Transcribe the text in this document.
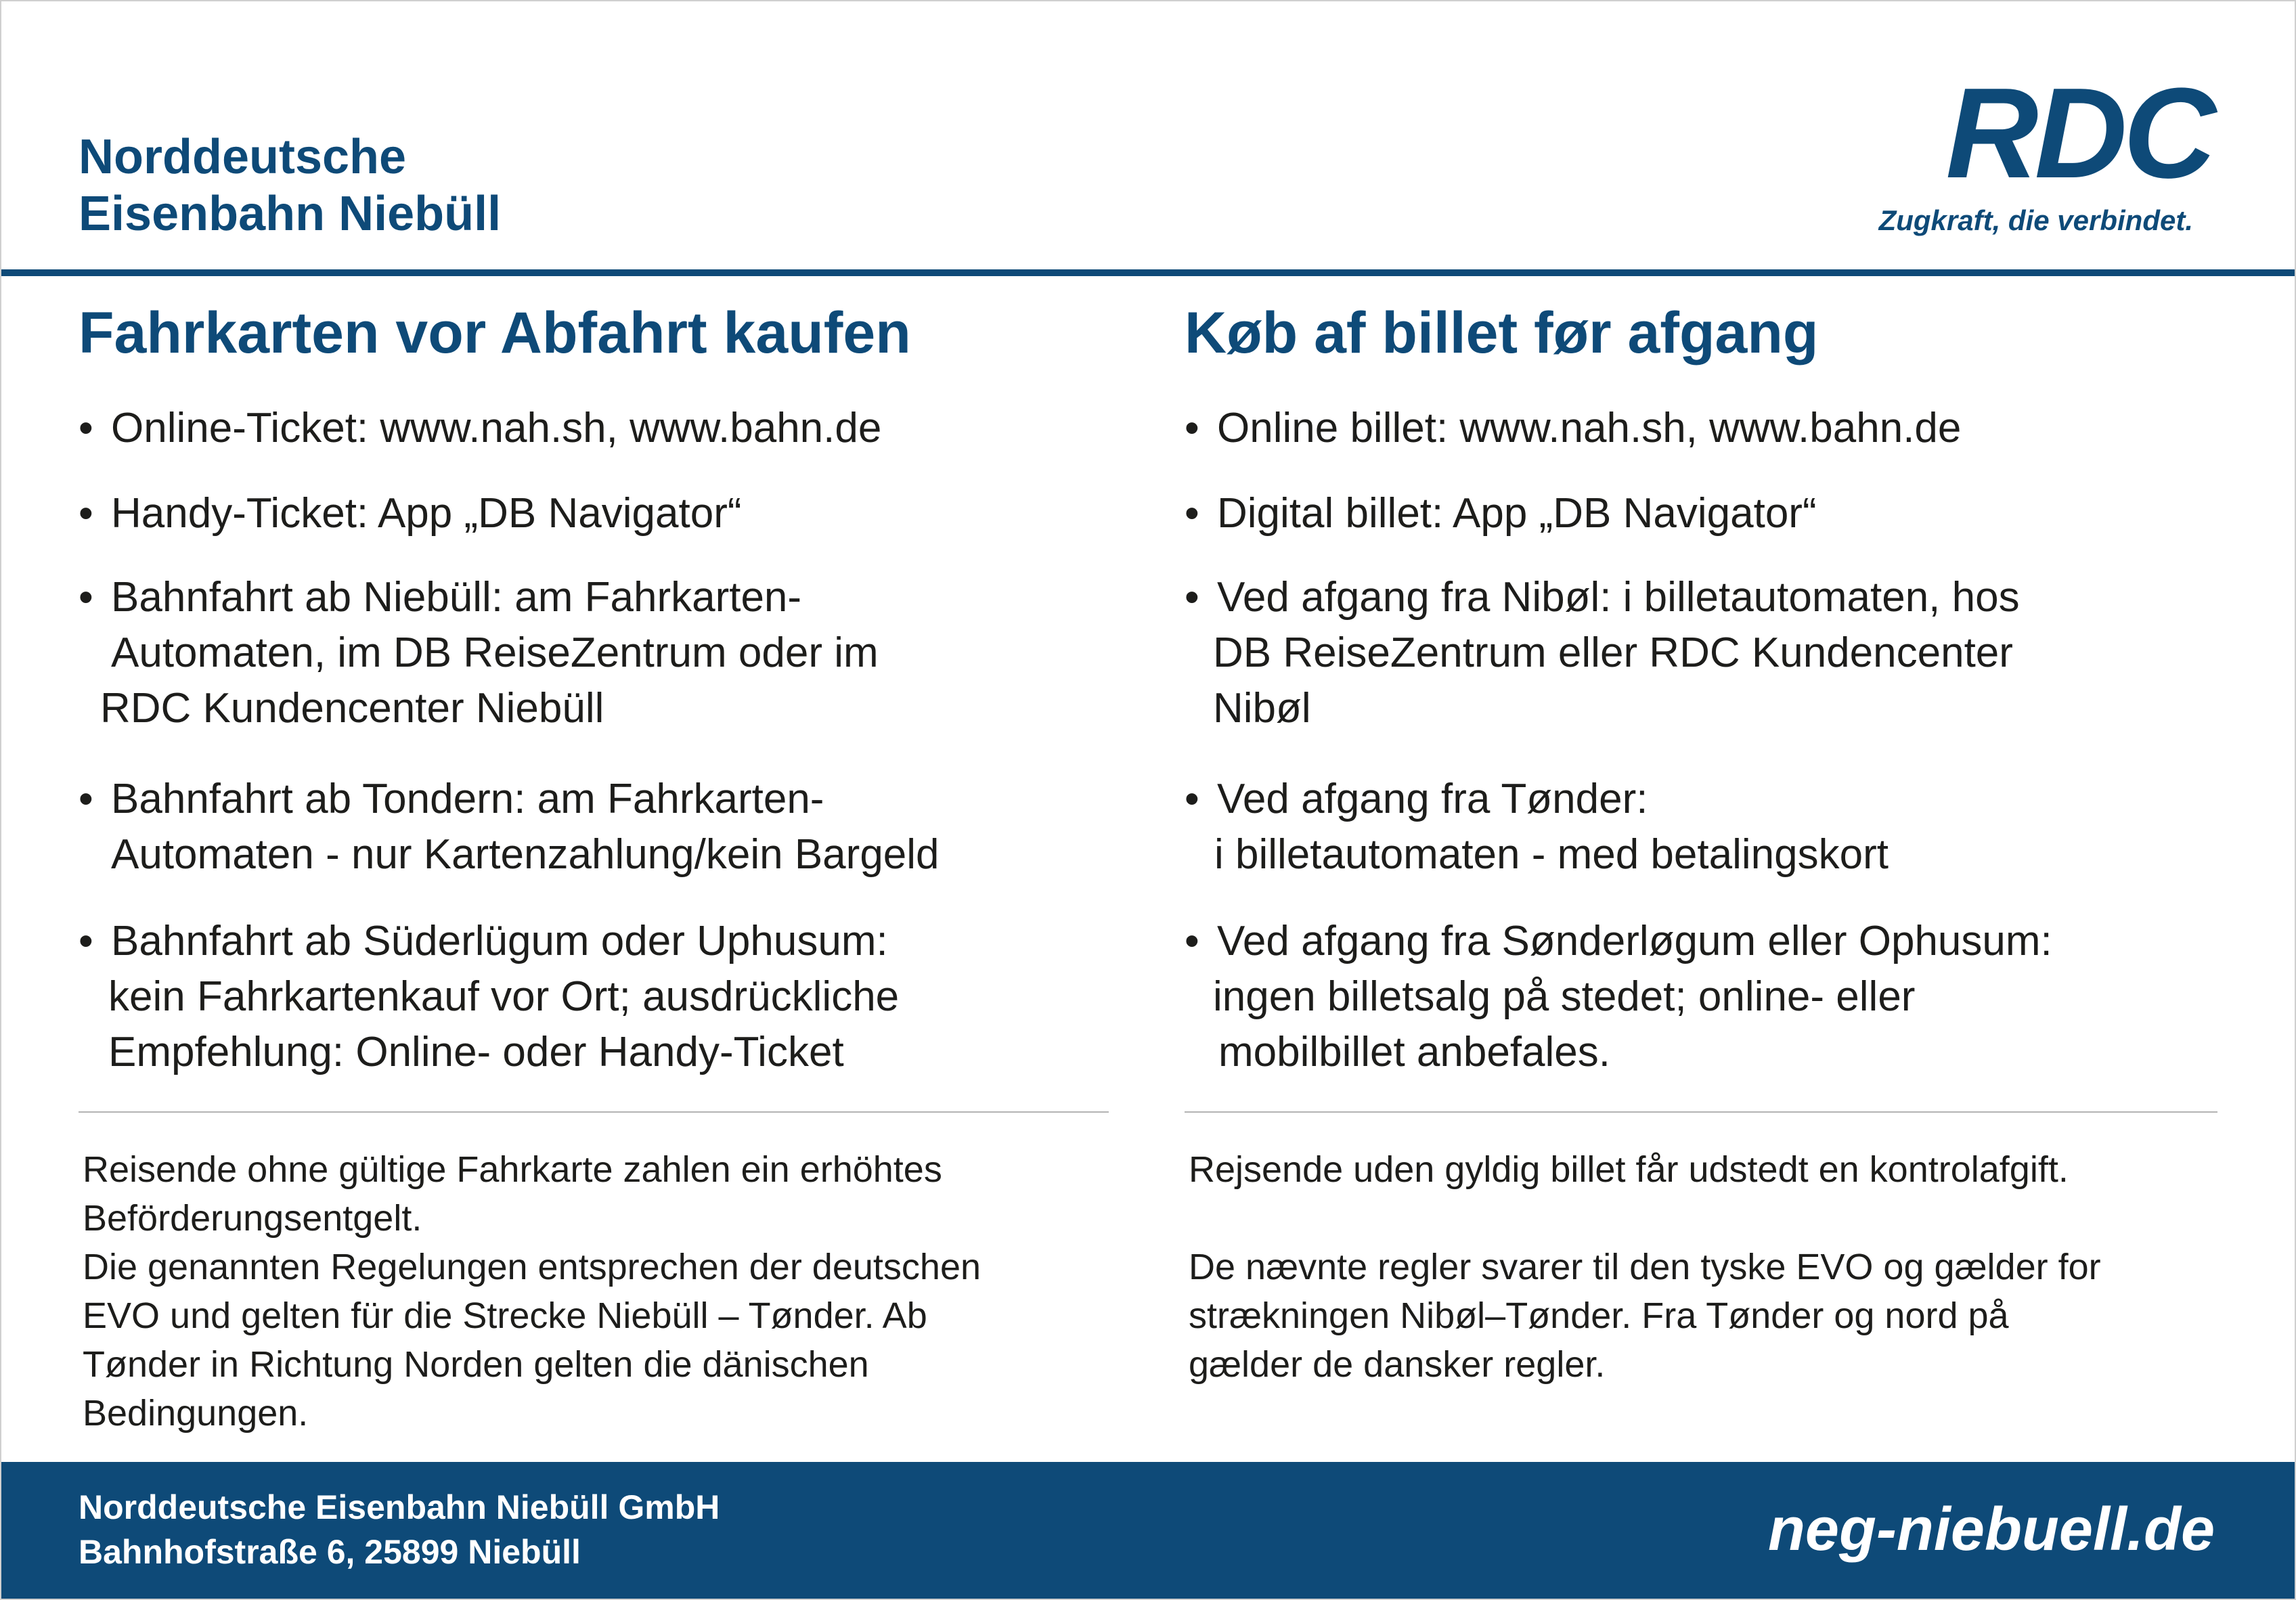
Norddeutsche
Eisenbahn Niebüll
RDC
Zugkraft, die verbindet.
Fahrkarten vor Abfahrt kaufen
• Online-Ticket: www.nah.sh, www.bahn.de
• Handy-Ticket: App „DB Navigator“
• Bahnfahrt ab Niebüll: am Fahrkarten-
Automaten, im DB ReiseZentrum oder im
RDC Kundencenter Niebüll
• Bahnfahrt ab Tondern: am Fahrkarten-
Automaten - nur Kartenzahlung/kein Bargeld
• Bahnfahrt ab Süderlügum oder Uphusum:
kein Fahrkartenkauf vor Ort; ausdrückliche
Empfehlung: Online- oder Handy-Ticket
Køb af billet før afgang
• Online billet: www.nah.sh, www.bahn.de
• Digital billet: App „DB Navigator“
• Ved afgang fra Nibøl: i billetautomaten, hos
DB ReiseZentrum eller RDC Kundencenter
Nibøl
• Ved afgang fra Tønder:
i billetautomaten - med betalingskort
• Ved afgang fra Sønderløgum eller Ophusum:
ingen billetsalg på stedet; online- eller
mobilbillet anbefales.
Reisende ohne gültige Fahrkarte zahlen ein erhöhtes
Beförderungsentgelt.
Die genannten Regelungen entsprechen der deutschen
EVO und gelten für die Strecke Niebüll – Tønder. Ab
Tønder in Richtung Norden gelten die dänischen
Bedingungen.
Rejsende uden gyldig billet får udstedt en kontrolafgift.
De nævnte regler svarer til den tyske EVO og gælder for
strækningen Nibøl–Tønder. Fra Tønder og nord på
gælder de dansker regler.
Norddeutsche Eisenbahn Niebüll GmbH
Bahnhofstraße 6, 25899 Niebüll	neg-niebuell.de
